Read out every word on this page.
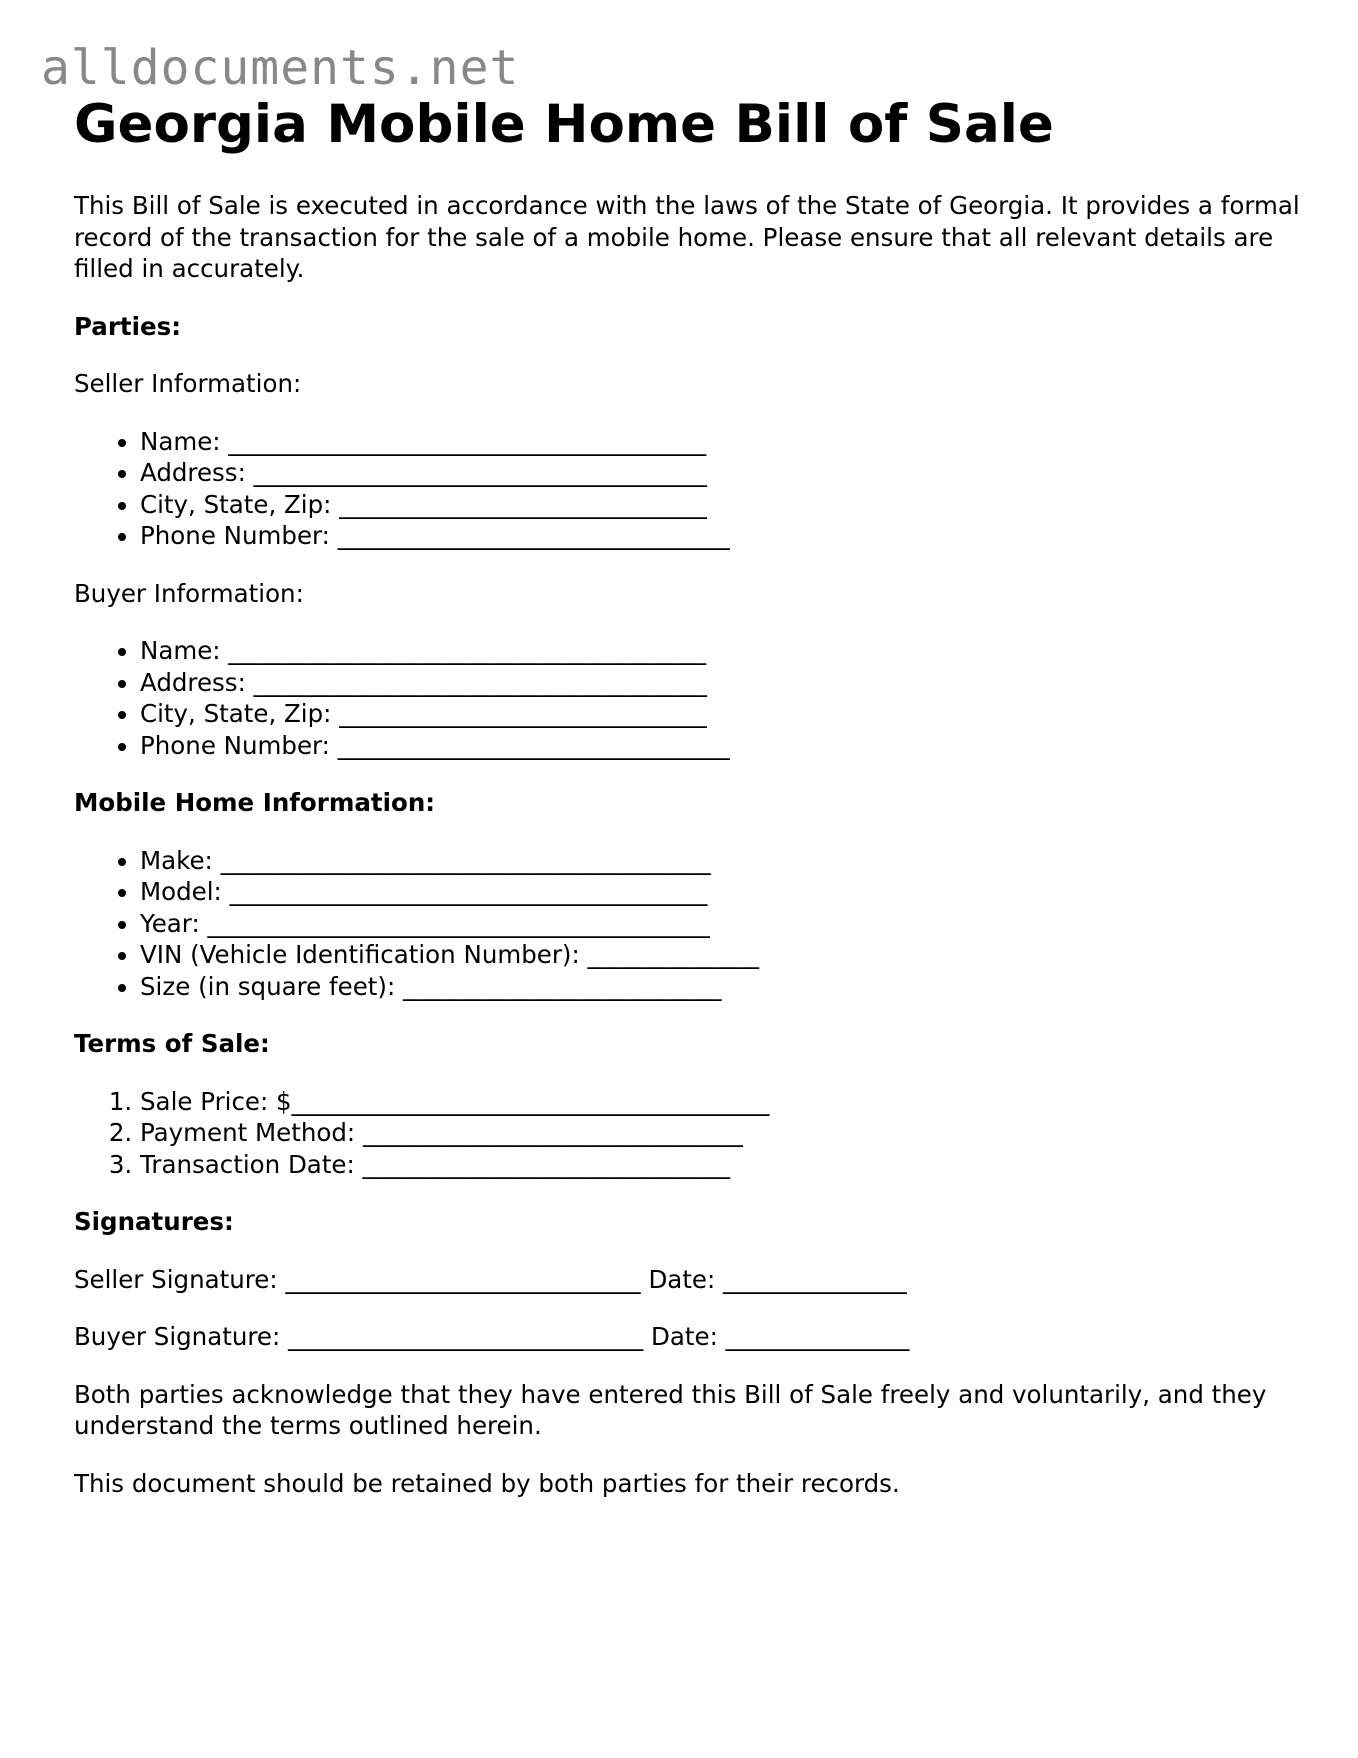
alldocuments.net
Georgia Mobile Home Bill of Sale

This Bill of Sale is executed in accordance with the laws of the State of Georgia. It provides a formal record of the transaction for the sale of a mobile home. Please ensure that all relevant details are filled in accurately.

Parties:

Seller Information:

• Name: _______________________________________
• Address: _____________________________________
• City, State, Zip: ______________________________
• Phone Number: ________________________________

Buyer Information:

• Name: _______________________________________
• Address: _____________________________________
• City, State, Zip: ______________________________
• Phone Number: ________________________________

Mobile Home Information:

• Make: ________________________________________
• Model: _______________________________________
• Year: _________________________________________
• VIN (Vehicle Identification Number): ______________
• Size (in square feet): __________________________

Terms of Sale:

1. Sale Price: $_______________________________________
2. Payment Method: _______________________________
3. Transaction Date: ______________________________

Signatures:

Seller Signature: _____________________________ Date: _______________

Buyer Signature: _____________________________ Date: _______________

Both parties acknowledge that they have entered this Bill of Sale freely and voluntarily, and they understand the terms outlined herein.

This document should be retained by both parties for their records.
